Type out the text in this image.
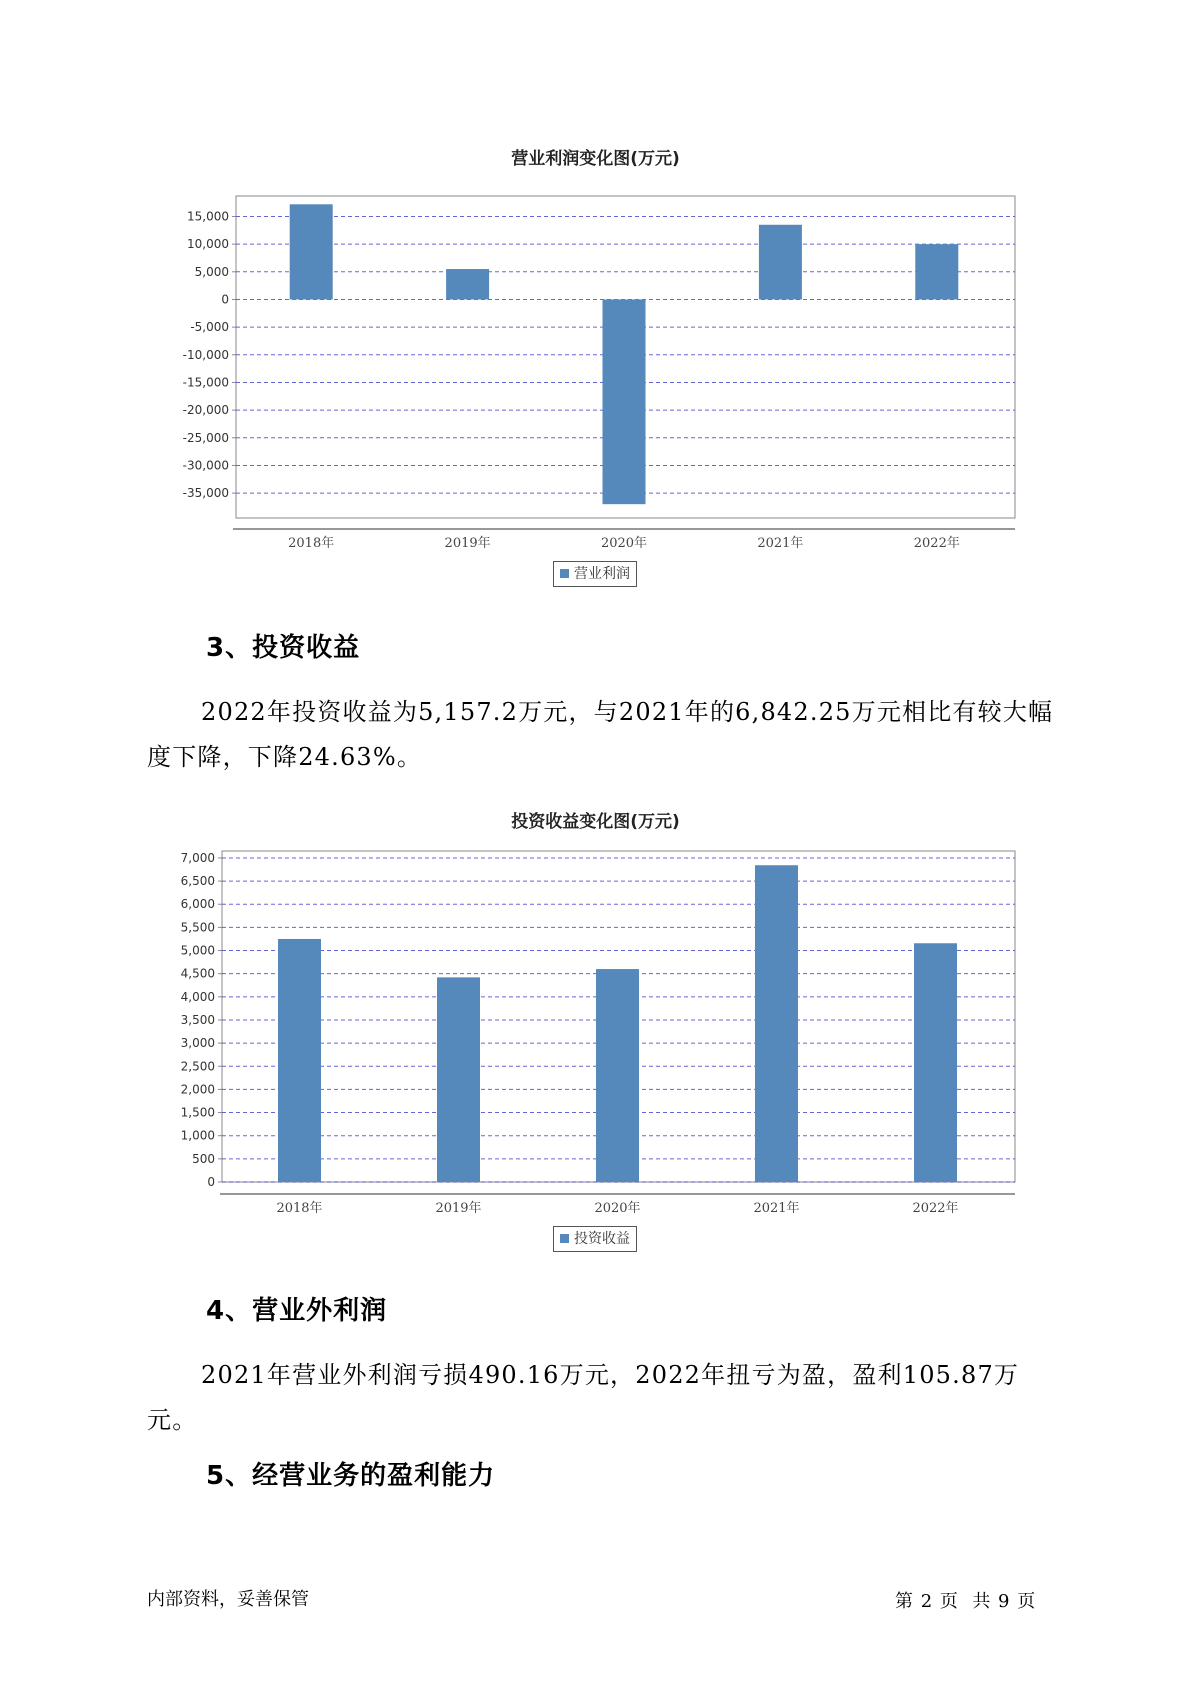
营业利润变化图(万元)
15,000
10,000
5,000
0
-5,000
-10,000
-15,000
-20,000
-25,000
-30,000
-35,000
2018年	2019年	2020年	2021年	2022年
营业利润
3、投资收益
2022年投资收益为5,157.2万元，与2021年的6,842.25万元相比有较大幅度下降，下降24.63%。
投资收益变化图(万元)
7,000
6,500
6,000
5,500
5,000
4,500
4,000
3,500
3,000
2,500
2,000
1,500
1,000
500
0
2018年	2019年	2020年	2021年	2022年
投资收益
4、营业外利润
2021年营业外利润亏损490.16万元，2022年扭亏为盈，盈利105.87万元。
5、经营业务的盈利能力
内部资料，妥善保管	第 2 页  共 9 页
